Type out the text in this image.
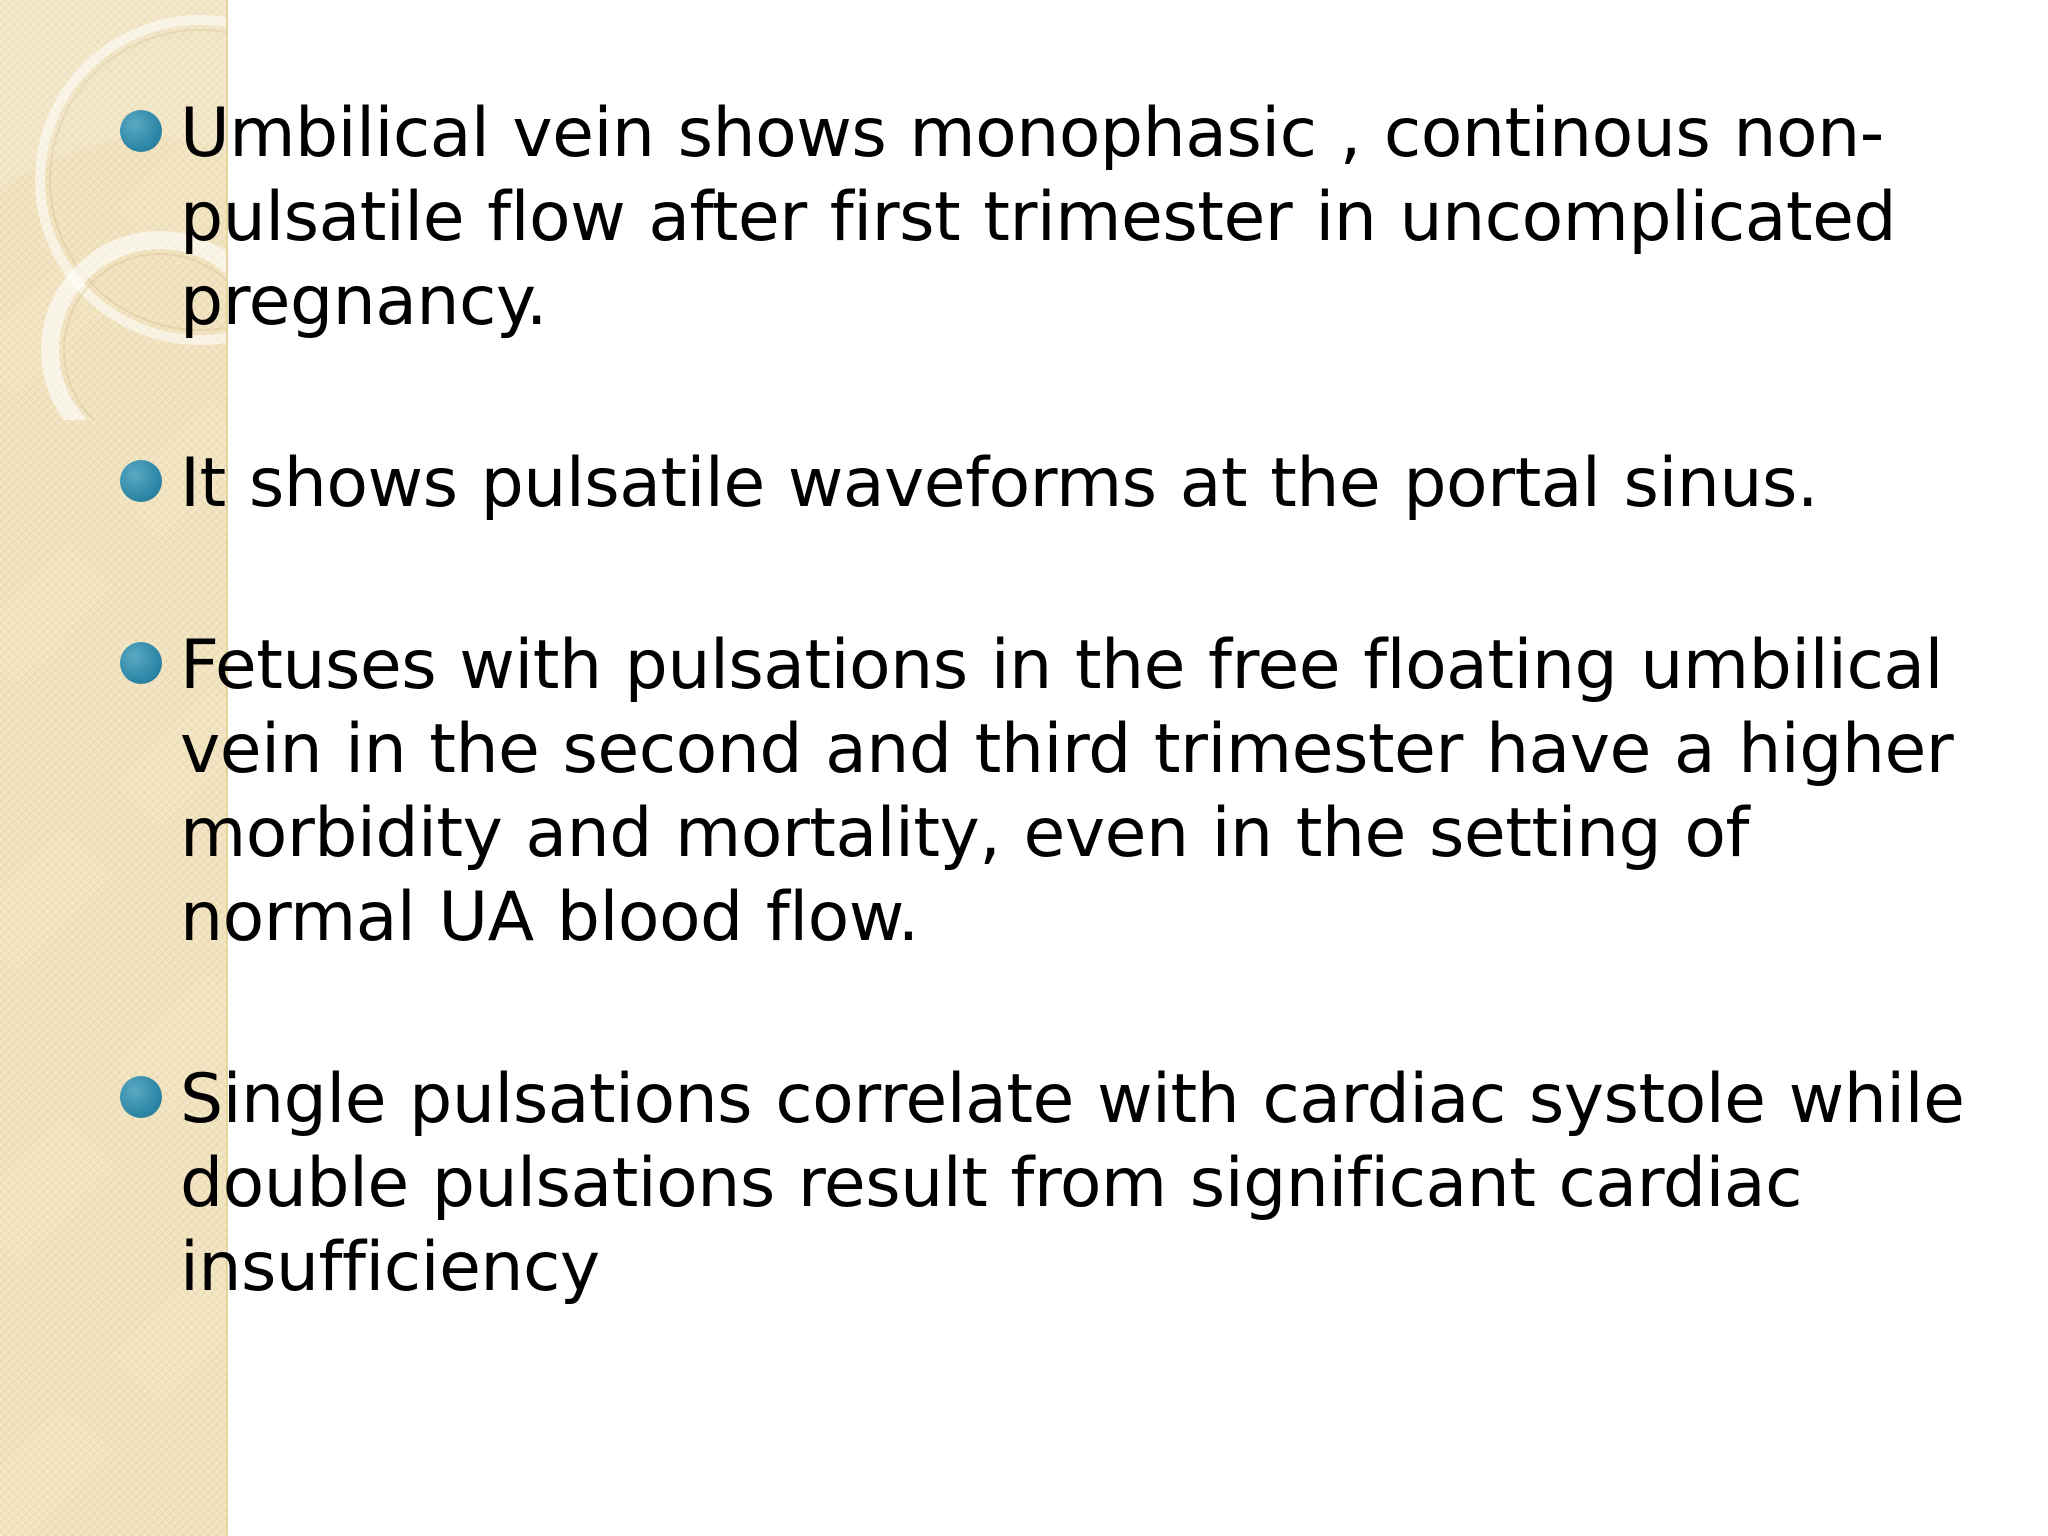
Umbilical vein shows monophasic , continous non-pulsatile flow after first trimester in uncomplicated pregnancy.
It shows pulsatile waveforms at the portal sinus.
Fetuses with pulsations in the free floating umbilical vein in the second and third trimester have a higher morbidity and mortality, even in the setting of normal UA blood flow.
Single pulsations correlate with cardiac systole while double pulsations result from significant cardiac insufficiency
